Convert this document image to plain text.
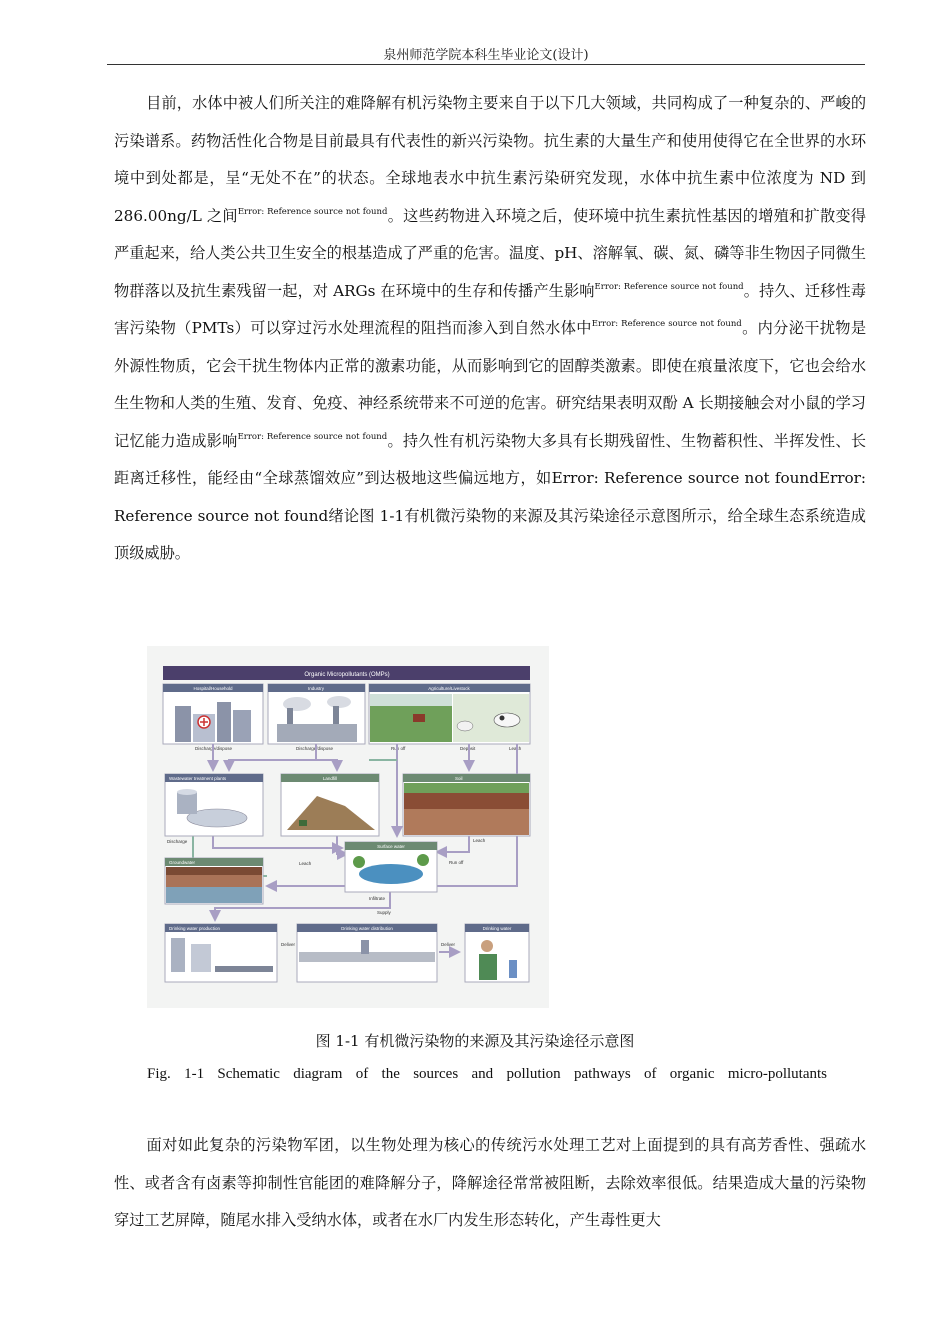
泉州师范学院本科生毕业论文(设计)
目前，水体中被人们所关注的难降解有机污染物主要来自于以下几大领域，共同构成了一种复杂的、严峻的污染谱系。药物活性化合物是目前最具有代表性的新兴污染物。抗生素的大量生产和使用使得它在全世界的水环境中到处都是，呈“无处不在”的状态。全球地表水中抗生素污染研究发现，水体中抗生素中位浓度为 ND 到 286.00ng/L 之间$^{Error: Reference source not found}$。这些药物进入环境之后，使环境中抗生素抗性基因的增殖和扩散变得严重起来，给人类公共卫生安全的根基造成了严重的危害。温度、pH、溶解氧、碳、氮、磷等非生物因子同微生物群落以及抗生素残留一起，对 ARGs 在环境中的生存和传播产生影响$^{Error: Reference source not found}$。持久、迁移性毒害污染物（PMTs）可以穿过污水处理流程的阻挡而渗入到自然水体中$^{Error: Reference source not found}$。内分泌干扰物是外源性物质，它会干扰生物体内正常的激素功能，从而影响到它的固醇类激素。即使在痕量浓度下，它也会给水生生物和人类的生殖、发育、免疫、神经系统带来不可逆的危害。研究结果表明双酚 A 长期接触会对小鼠的学习记忆能力造成影响$^{Error: Reference source not found}$。持久性有机污染物大多具有长期残留性、生物蓄积性、半挥发性、长距离迁移性，能经由“全球蒸馏效应”到达极地这些偏远地方，如Error: Reference source not foundError: Reference source not found绪论图 1-1有机微污染物的来源及其污染途径示意图所示，给全球生态系统造成顶级威胁。
Organic Micropollutants (OMPs)
Hospital/Household	Industry	Agriculture/Livestock
Discharge/dispose	Discharge/dispose	Run off	Deposit	Leach
Wastewater treatment plants
Discharge
Landfill	Soil
Leach
Groundwater	Leach
Surface water
Run off
Infiltrate
Supply
Drinking water production
Deliver
Drinking water distribution
Deliver
Drinking water
图 1-1 有机微污染物的来源及其污染途径示意图
Fig. 1-1 Schematic diagram of the sources and pollution pathways of organic micro-pollutants
面对如此复杂的污染物军团，以生物处理为核心的传统污水处理工艺对上面提到的具有高芳香性、强疏水性、或者含有卤素等抑制性官能团的难降解分子，降解途径常常被阻断，去除效率很低。结果造成大量的污染物穿过工艺屏障，随尾水排入受纳水体，或者在水厂内发生形态转化，产生毒性更大
